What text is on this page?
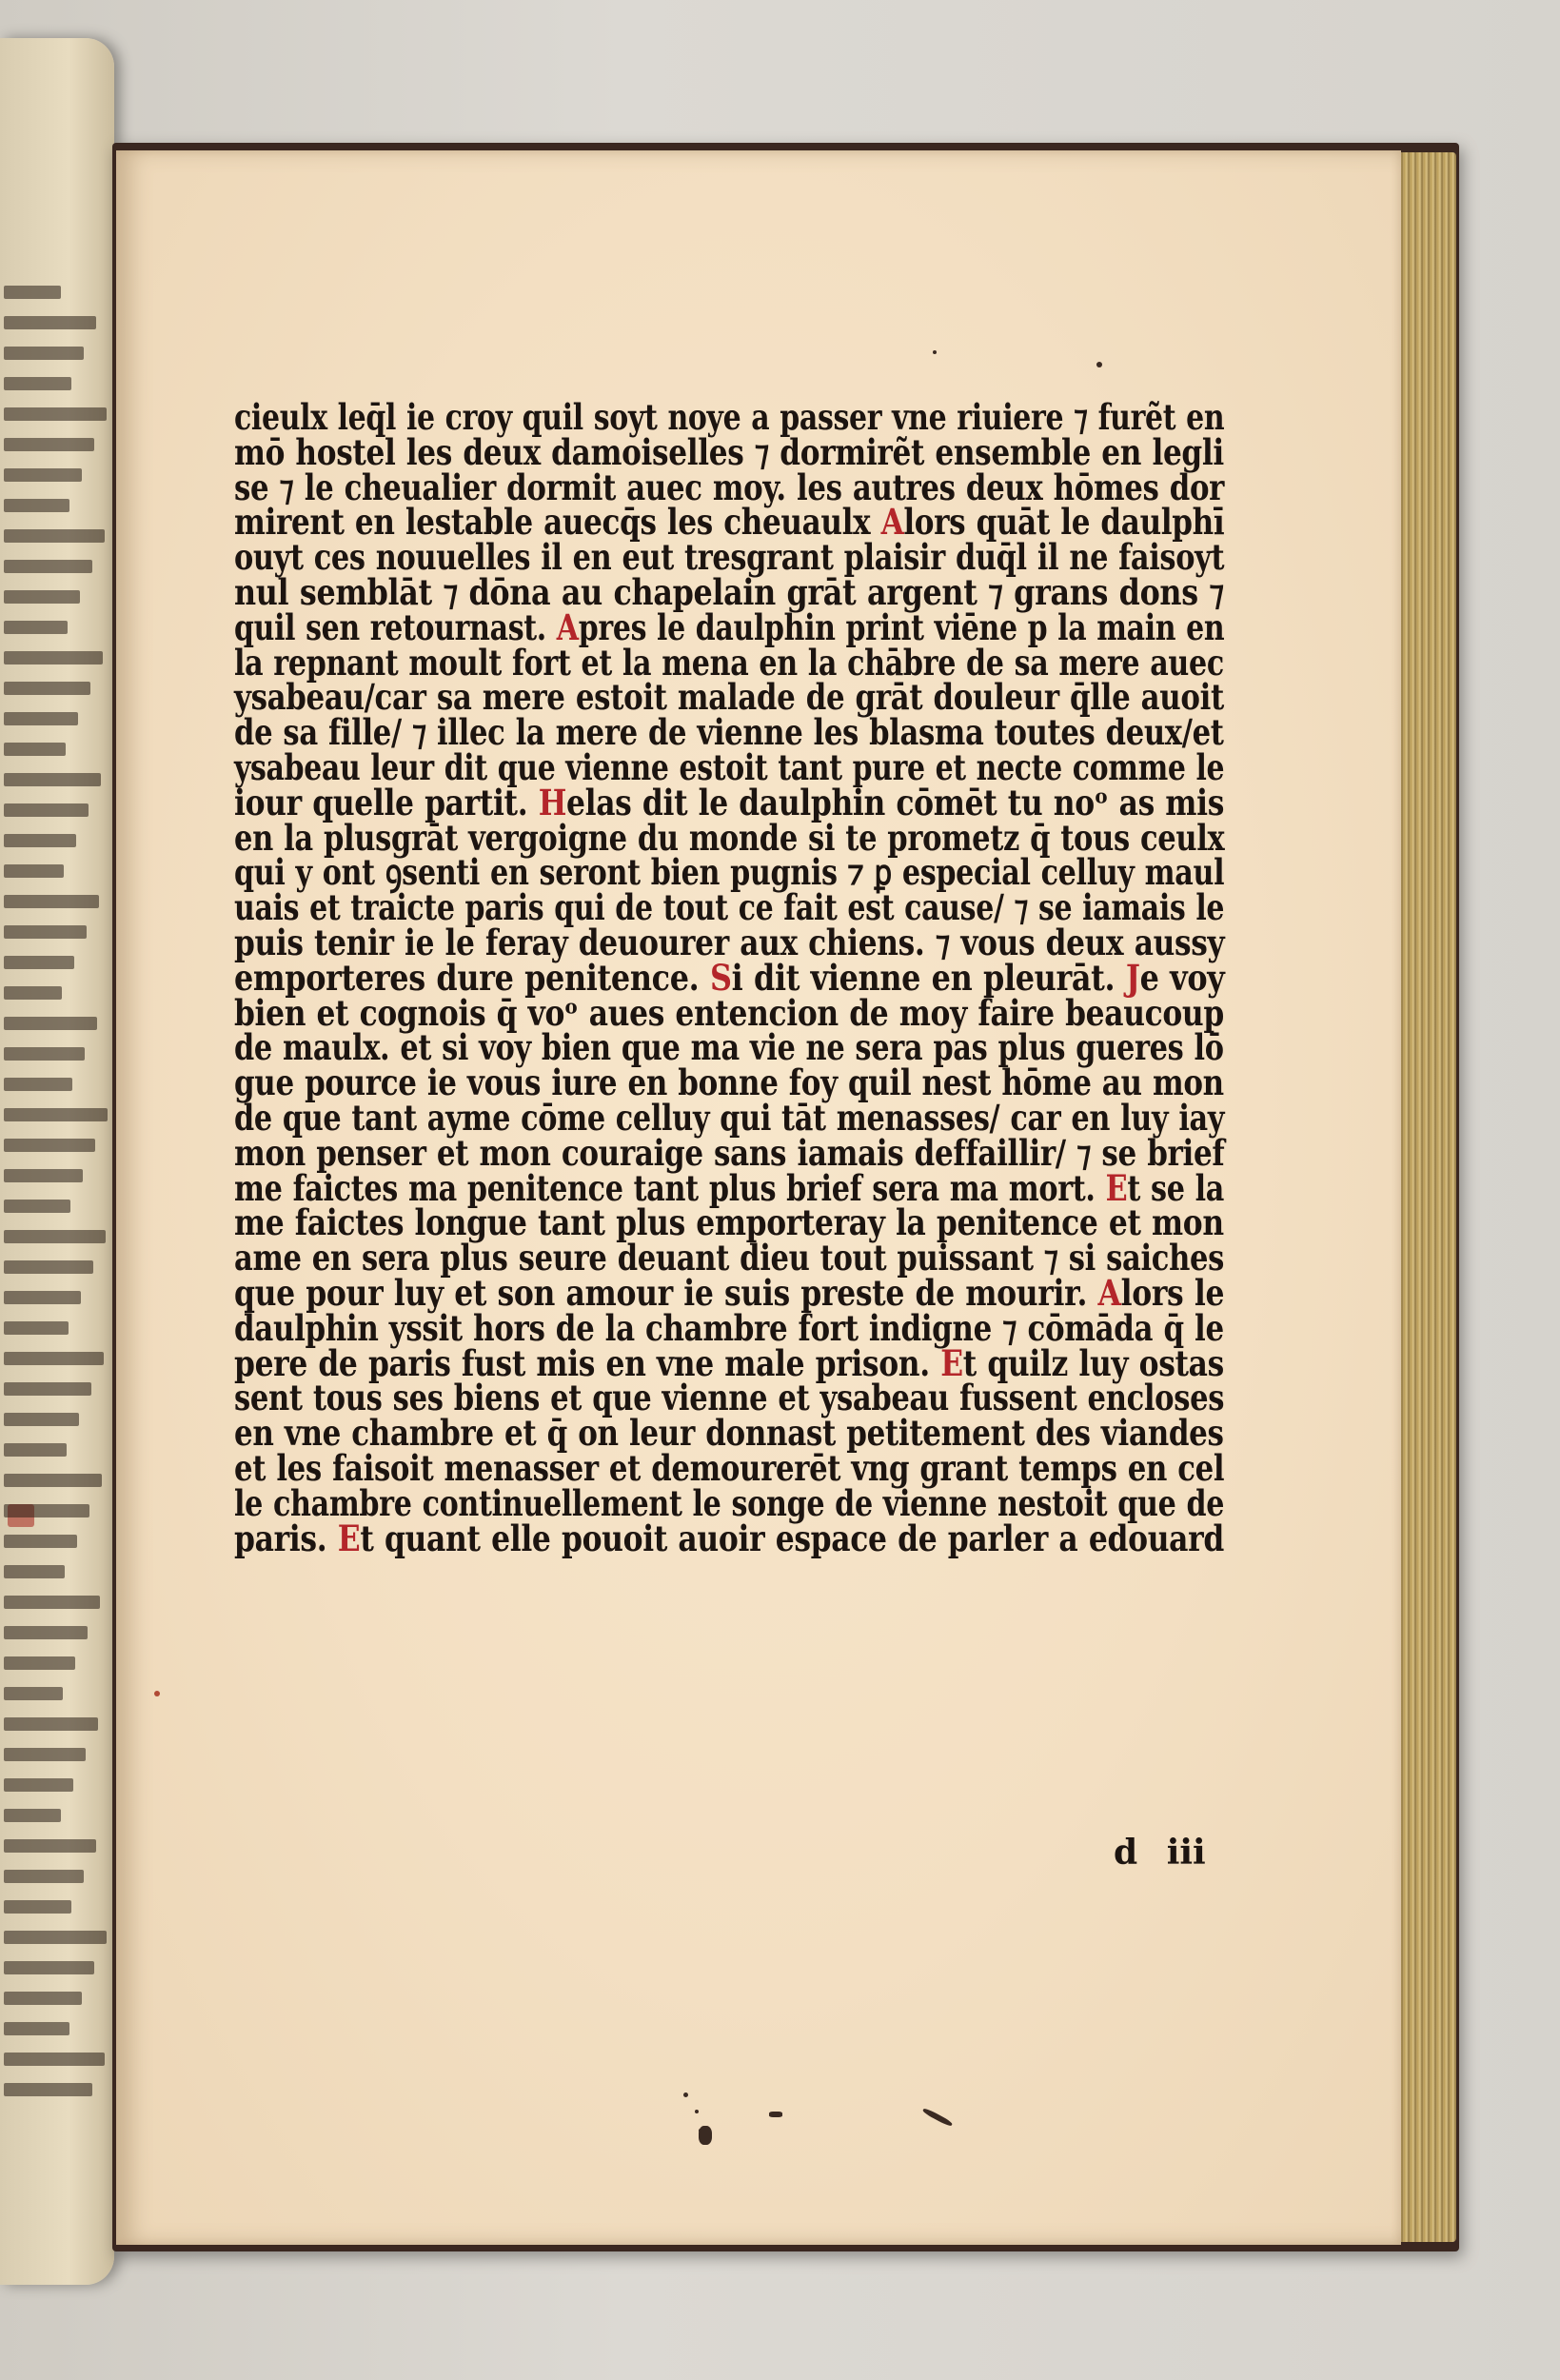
cieulx leq̄l ie croy quil soyt noye a passer vne riuiere ⁊ furẽt en
mō hostel les deux damoiselles ⁊ dormirẽt ensemble en legli
se ⁊ le cheualier dormit auec moy. les autres deux hōmes dor
mirent en lestable auecq̄s les cheuaulx Alors quāt le daulphī
ouyt ces nouuelles il en eut tresgrant plaisir duq̄l il ne faisoyt
nul semblāt ⁊ dōna au chapelain grāt argent ⁊ grans dons ⁊
quil sen retournast. Apres le daulphin print viēne p la main en
la repnant moult fort et la mena en la chābre de sa mere auec
ysabeau/car sa mere estoit malade de grāt douleur q̄lle auoit
de sa fille/ ⁊ illec la mere de vienne les blasma toutes deux/et
ysabeau leur dit que vienne estoit tant pure et necte comme le
iour quelle partit. Helas dit le daulphin cōmēt tu noᵒ as mis
en la plusgrāt vergoigne du monde si te prometz q̄ tous ceulx
qui y ont ꝯsenti en seront bien pugnis ⁊ ꝑ especial celluy maul
uais et traicte paris qui de tout ce fait est cause/ ⁊ se iamais le
puis tenir ie le feray deuourer aux chiens. ⁊ vous deux aussy
emporteres dure penitence. Si dit vienne en pleurāt. Je voy
bien et cognois q̄ voᵒ aues entencion de moy faire beaucoup
de maulx. et si voy bien que ma vie ne sera pas plus gueres lō
gue pource ie vous iure en bonne foy quil nest hōme au mon
de que tant ayme cōme celluy qui tāt menasses/ car en luy iay
mon penser et mon couraige sans iamais deffaillir/ ⁊ se brief
me faictes ma penitence tant plus brief sera ma mort. Et se la
me faictes longue tant plus emporteray la penitence et mon
ame en sera plus seure deuant dieu tout puissant ⁊ si saiches
que pour luy et son amour ie suis preste de mourir. Alors le
daulphin yssit hors de la chambre fort indigne ⁊ cōmāda q̄ le
pere de paris fust mis en vne male prison. Et quilz luy ostas
sent tous ses biens et que vienne et ysabeau fussent encloses
en vne chambre et q̄ on leur donnast petitement des viandes
et les faisoit menasser et demourerēt vng grant temps en cel
le chambre continuellement le songe de vienne nestoit que de
paris. Et quant elle pouoit auoir espace de parler a edouard
d iii
